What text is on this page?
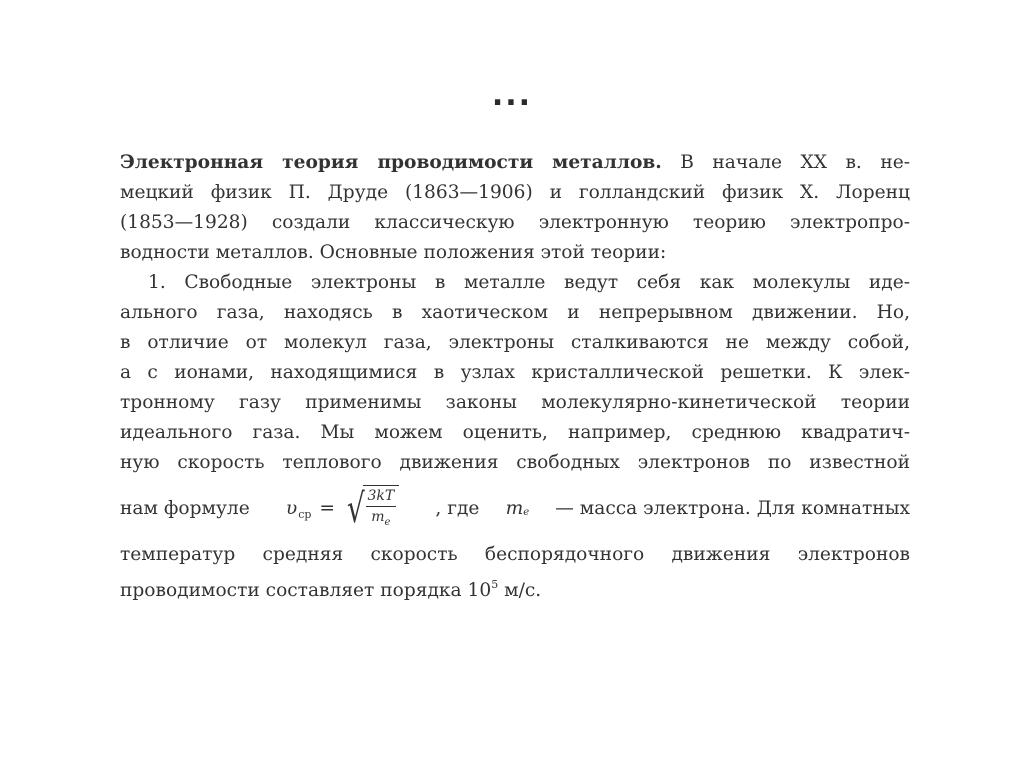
...
Электронная теория проводимости металлов. В начале XX в. не-
мецкий физик П. Друде (1863—1906) и голландский физик X. Лоренц
(1853—1928) создали классическую электронную теорию электропро-
водности металлов. Основные положения этой теории:
1. Свободные электроны в металле ведут себя как молекулы иде-
ального газа, находясь в хаотическом и непрерывном движении. Но,
в отличие от молекул газа, электроны сталкиваются не между собой,
а с ионами, находящимися в узлах кристаллической решетки. К элек-
тронному газу применимы законы молекулярно-кинетической теории
идеального газа. Мы можем оценить, например, среднюю квадратич-
ную скорость теплового движения свободных электронов по известной
нам формуле υ ср = √
$\frac{3kT}{m_e}$ , где m e — масса электрона. Для комнатных
температур средняя скорость беспорядочного движения электронов
проводимости составляет порядка $10^5$ м/с.
